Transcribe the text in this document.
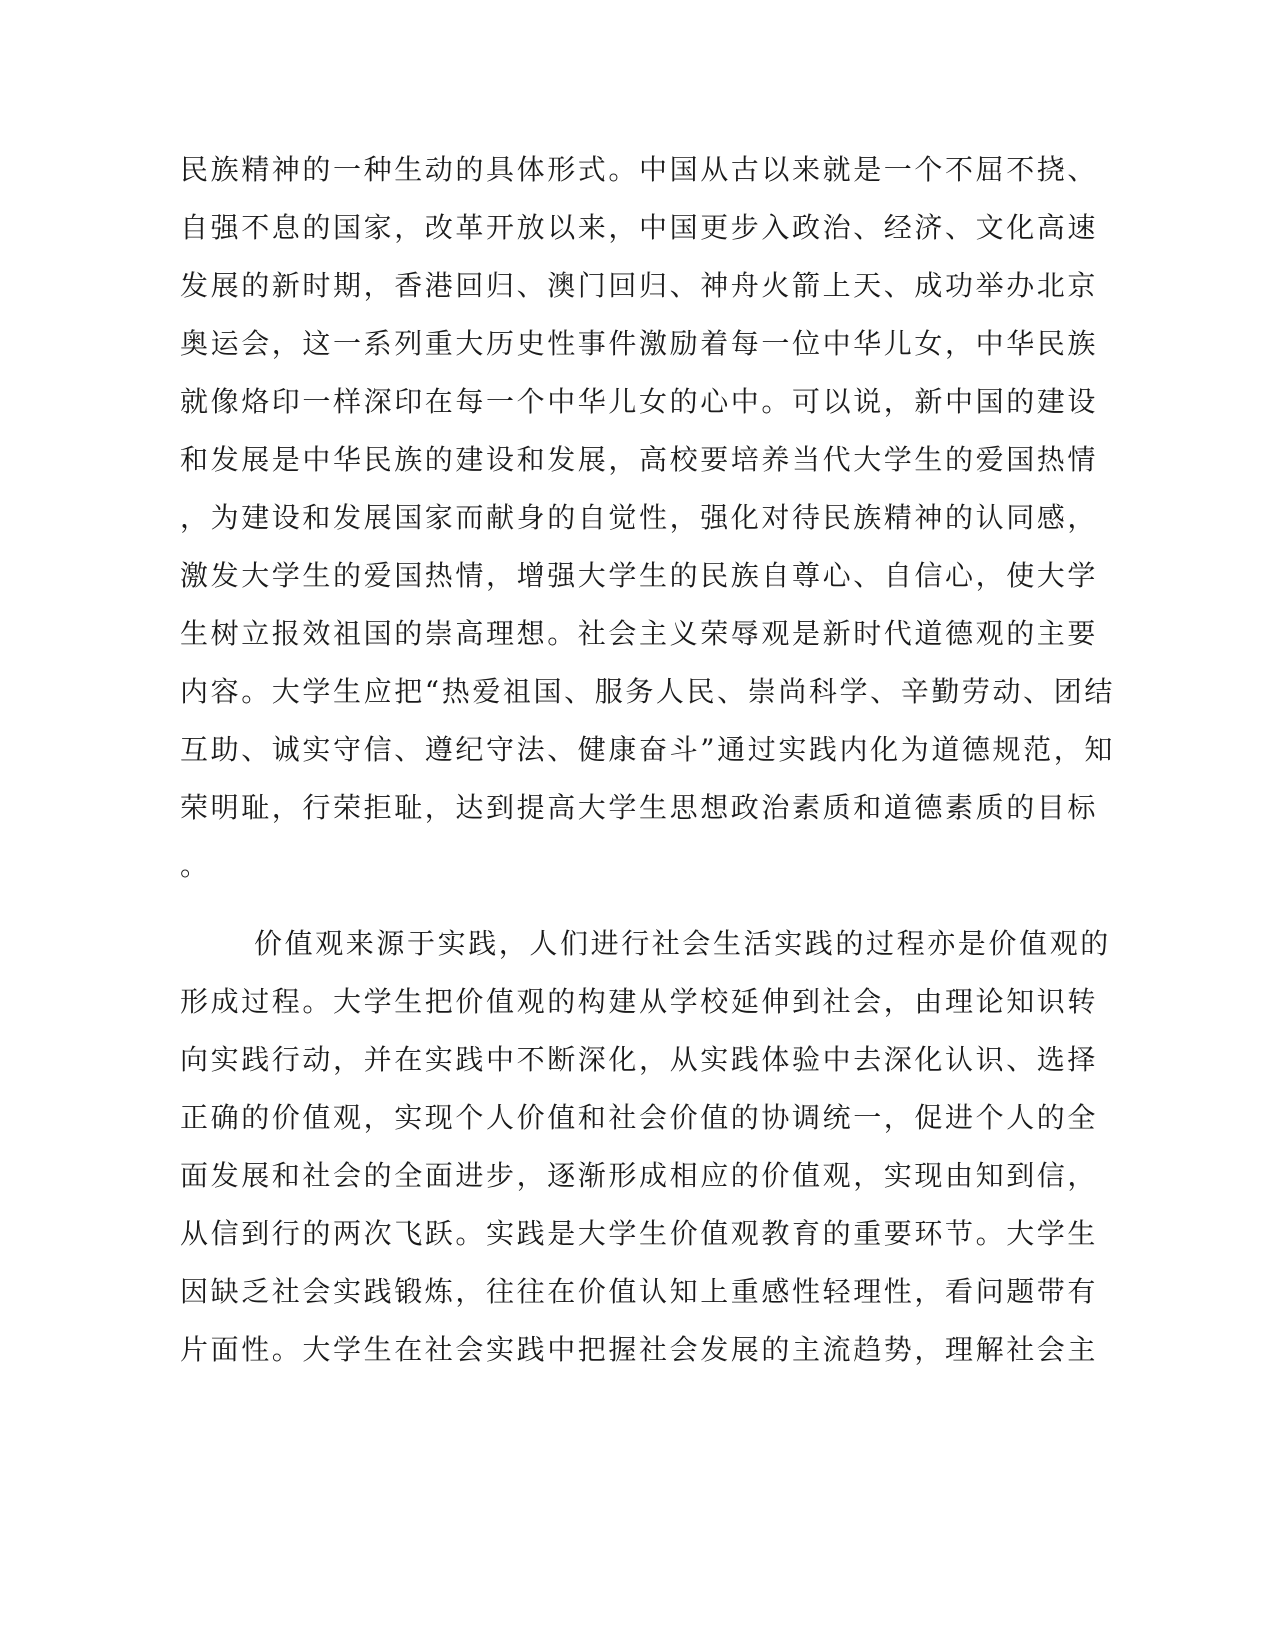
民族精神的一种生动的具体形式。中国从古以来就是一个不屈不挠、
自强不息的国家，改革开放以来，中国更步入政治、经济、文化高速
发展的新时期，香港回归、澳门回归、神舟火箭上天、成功举办北京
奥运会，这一系列重大历史性事件激励着每一位中华儿女，中华民族
就像烙印一样深印在每一个中华儿女的心中。可以说，新中国的建设
和发展是中华民族的建设和发展，高校要培养当代大学生的爱国热情
，为建设和发展国家而献身的自觉性，强化对待民族精神的认同感，
激发大学生的爱国热情，增强大学生的民族自尊心、自信心，使大学
生树立报效祖国的崇高理想。社会主义荣辱观是新时代道德观的主要
内容。大学生应把“热爱祖国、服务人民、崇尚科学、辛勤劳动、团结
互助、诚实守信、遵纪守法、健康奋斗”通过实践内化为道德规范，知
荣明耻，行荣拒耻，达到提高大学生思想政治素质和道德素质的目标
。
价值观来源于实践，人们进行社会生活实践的过程亦是价值观的
形成过程。大学生把价值观的构建从学校延伸到社会，由理论知识转
向实践行动，并在实践中不断深化，从实践体验中去深化认识、选择
正确的价值观，实现个人价值和社会价值的协调统一，促进个人的全
面发展和社会的全面进步，逐渐形成相应的价值观，实现由知到信，
从信到行的两次飞跃。实践是大学生价值观教育的重要环节。大学生
因缺乏社会实践锻炼，往往在价值认知上重感性轻理性，看问题带有
片面性。大学生在社会实践中把握社会发展的主流趋势，理解社会主
